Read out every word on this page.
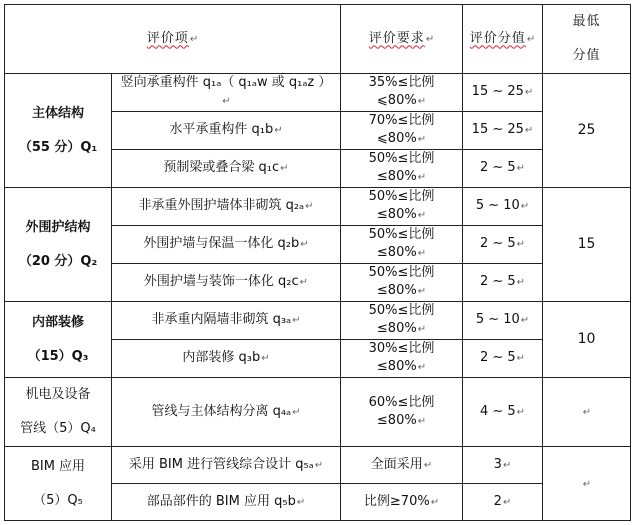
评价项↵		评价要求↵	评价分值↵	最低
分值

主体结构
（55 分）Q₁	竖向承重构件 q₁ₐ（ q₁ₐw 或 q₁ₐz ）↵	35%≤比例⩽80%↵	15 ~ 25↵	25
	水平承重构件 q₁b↵	70%≤比例⩽80%↵	15 ~ 25↵	
	预制梁或叠合梁 q₁c↵	50%≤比例≤80%↵	2 ~ 5↵	

外围护结构
（20 分）Q₂	非承重外围护墙体非砌筑 q₂ₐ↵	50%≤比例≤80%↵	5 ~ 10↵	15
	外围护墙与保温一体化 q₂b↵	50%≤比例≤80%↵	2 ~ 5↵	
	外围护墙与装饰一体化 q₂c↵	50%≤比例≤80%↵	2 ~ 5↵	

内部装修
（15）Q₃	非承重内隔墙非砌筑 q₃ₐ↵	50%≤比例≤80%↵	5 ~ 10↵	10
	内部装修 q₃b↵	30%≤比例≤80%↵	2 ~ 5↵	

机电及设备
管线（5）Q₄	管线与主体结构分离 q₄ₐ↵	60%≤比例≤80%↵	4 ~ 5↵	↵

BIM 应用
（5）Q₅	采用 BIM 进行管线综合设计 q₅ₐ↵	全面采用↵	3↵	↵
	部品部件的 BIM 应用 q₅b↵	比例≥70%↵	2↵	
